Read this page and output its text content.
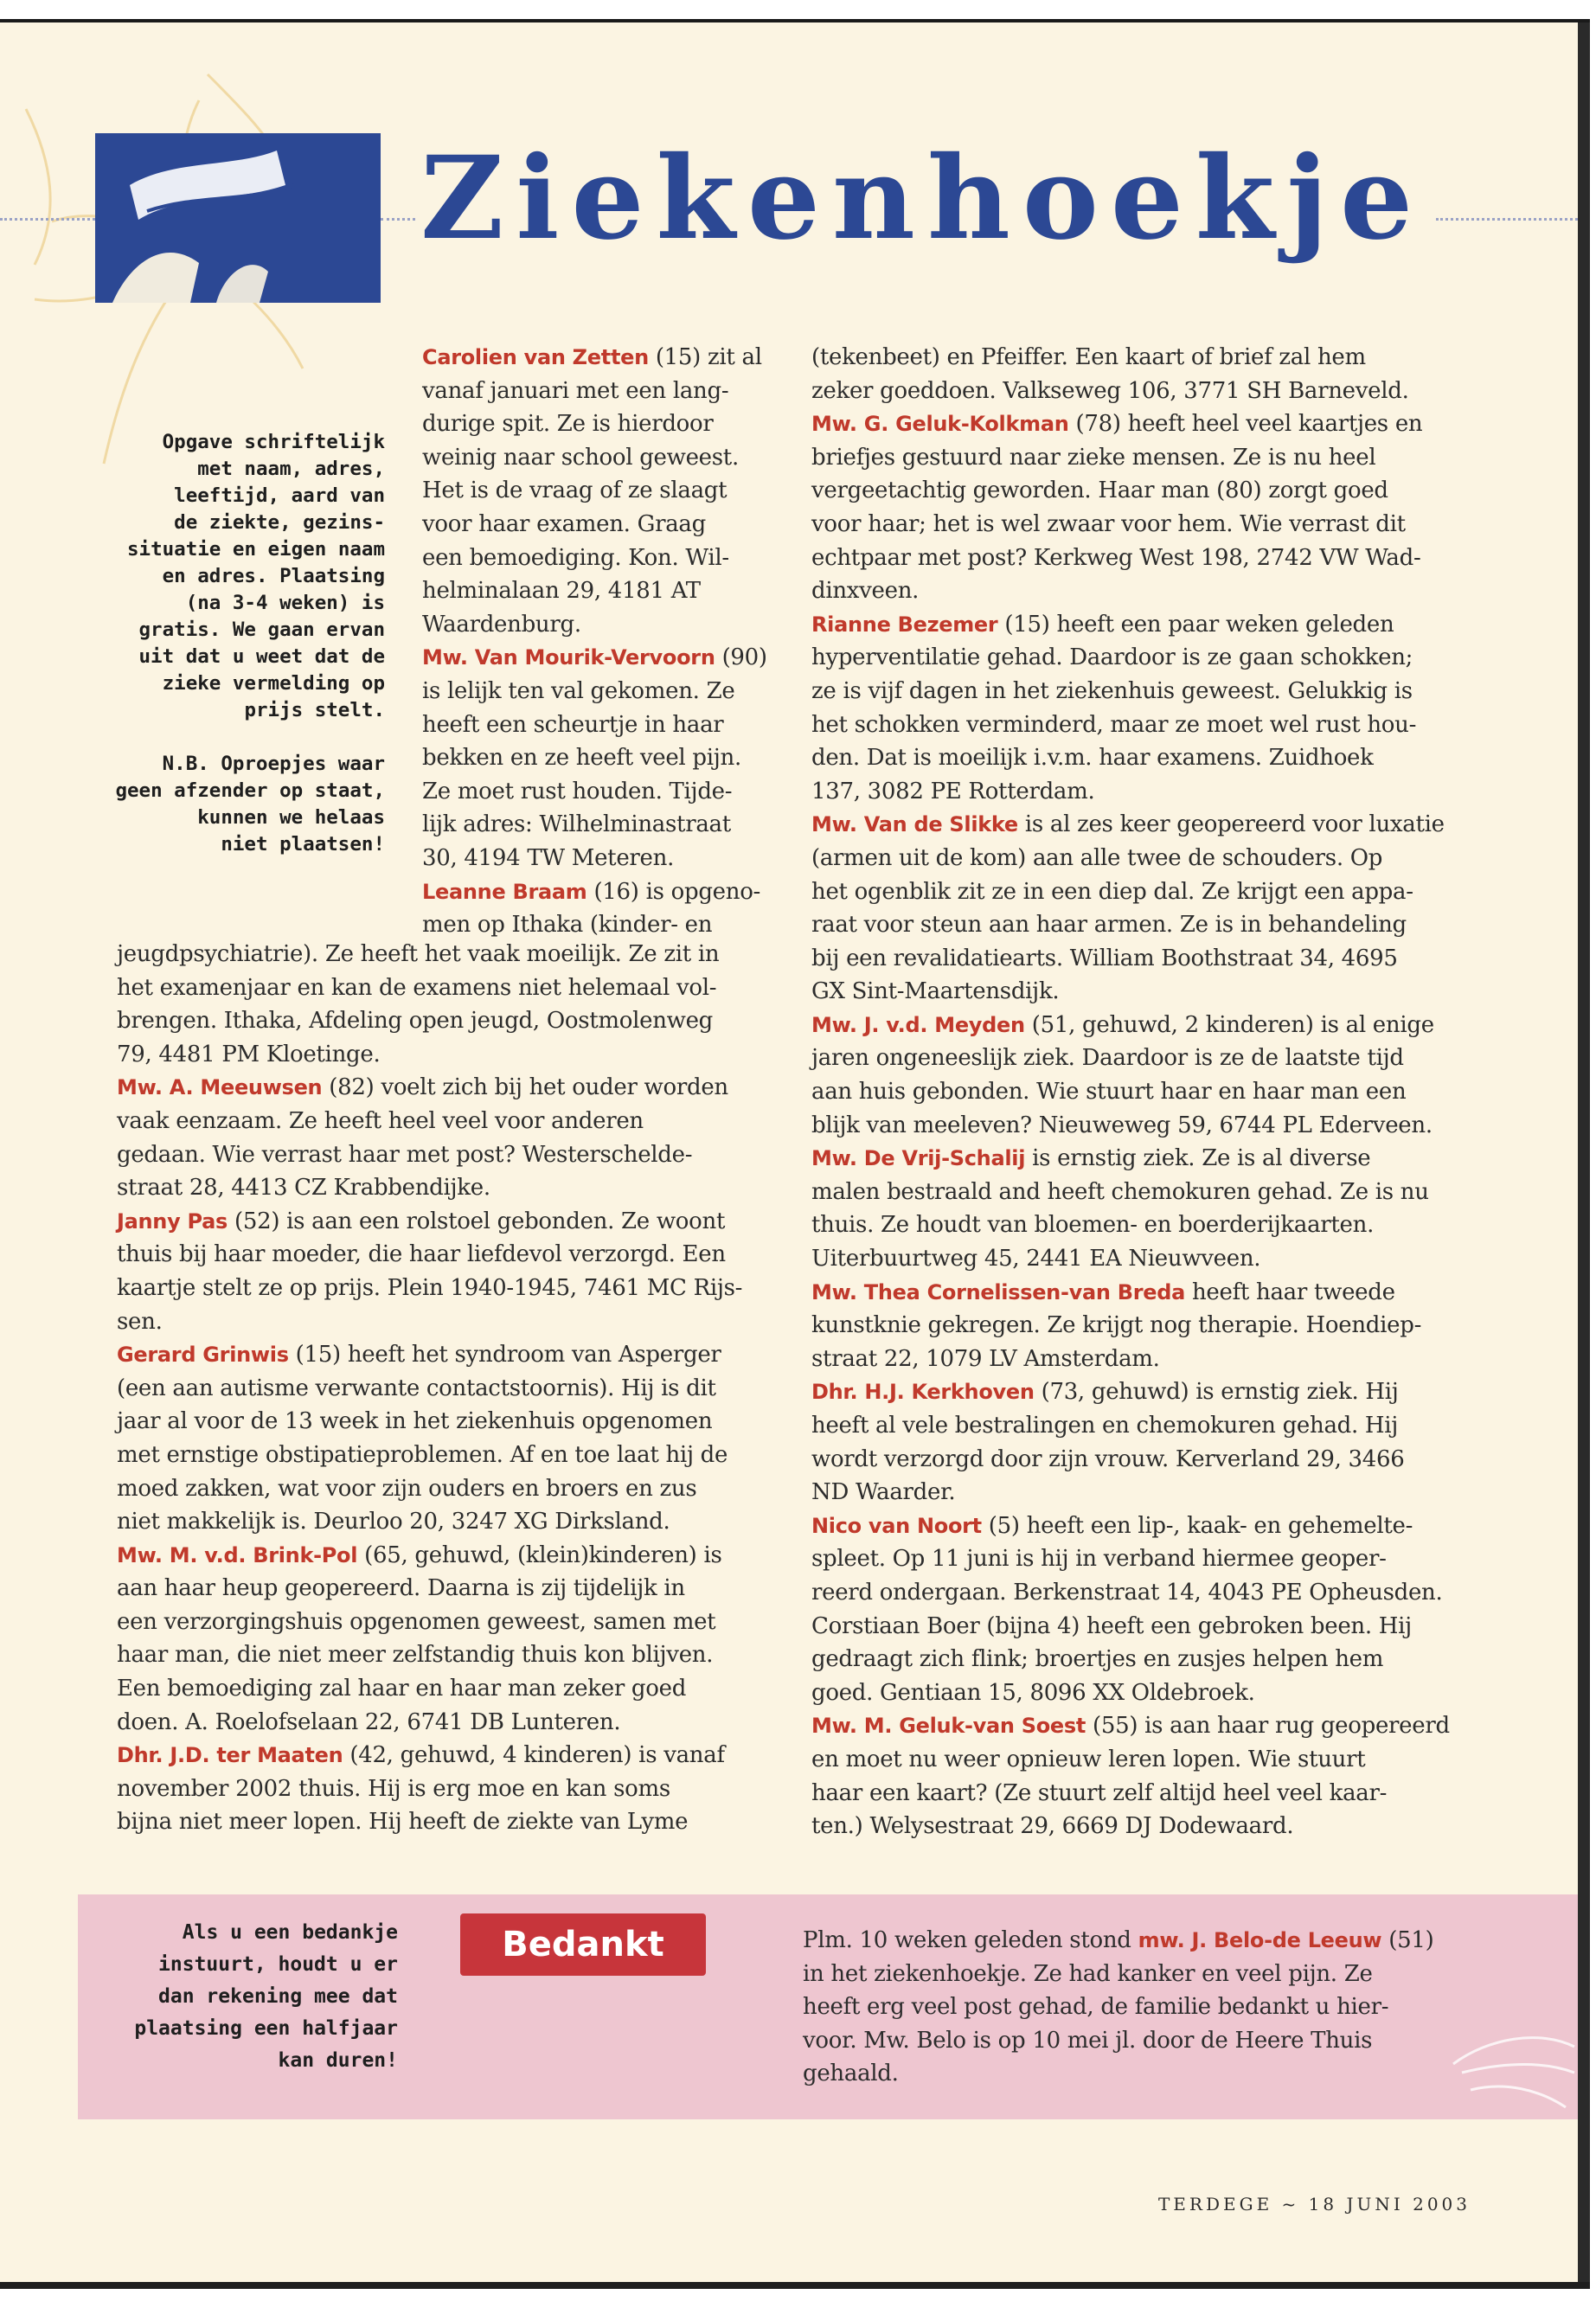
Ziekenhoekje
Opgave schriftelijk
met naam, adres,
leeftijd, aard van
de ziekte, gezins-
situatie en eigen naam
en adres. Plaatsing
(na 3-4 weken) is
gratis. We gaan ervan
uit dat u weet dat de
zieke vermelding op
prijs stelt.
N.B. Oproepjes waar
geen afzender op staat,
kunnen we helaas
niet plaatsen!
Carolien van Zetten (15) zit al
vanaf januari met een lang-
durige spit. Ze is hierdoor
weinig naar school geweest.
Het is de vraag of ze slaagt
voor haar examen. Graag
een bemoediging. Kon. Wil-
helminalaan 29, 4181 AT
Waardenburg.
Mw. Van Mourik-Vervoorn (90)
is lelijk ten val gekomen. Ze
heeft een scheurtje in haar
bekken en ze heeft veel pijn.
Ze moet rust houden. Tijde-
lijk adres: Wilhelminastraat
30, 4194 TW Meteren.
Leanne Braam (16) is opgeno-
men op Ithaka (kinder- en
jeugdpsychiatrie). Ze heeft het vaak moeilijk. Ze zit in
het examenjaar en kan de examens niet helemaal vol-
brengen. Ithaka, Afdeling open jeugd, Oostmolenweg
79, 4481 PM Kloetinge.
Mw. A. Meeuwsen (82) voelt zich bij het ouder worden
vaak eenzaam. Ze heeft heel veel voor anderen
gedaan. Wie verrast haar met post? Westerschelde-
straat 28, 4413 CZ Krabbendijke.
Janny Pas (52) is aan een rolstoel gebonden. Ze woont
thuis bij haar moeder, die haar liefdevol verzorgd. Een
kaartje stelt ze op prijs. Plein 1940-1945, 7461 MC Rijs-
sen.
Gerard Grinwis (15) heeft het syndroom van Asperger
(een aan autisme verwante contactstoornis). Hij is dit
jaar al voor de 13 week in het ziekenhuis opgenomen
met ernstige obstipatieproblemen. Af en toe laat hij de
moed zakken, wat voor zijn ouders en broers en zus
niet makkelijk is. Deurloo 20, 3247 XG Dirksland.
Mw. M. v.d. Brink-Pol (65, gehuwd, (klein)kinderen) is
aan haar heup geopereerd. Daarna is zij tijdelijk in
een verzorgingshuis opgenomen geweest, samen met
haar man, die niet meer zelfstandig thuis kon blijven.
Een bemoediging zal haar en haar man zeker goed
doen. A. Roelofselaan 22, 6741 DB Lunteren.
Dhr. J.D. ter Maaten (42, gehuwd, 4 kinderen) is vanaf
november 2002 thuis. Hij is erg moe en kan soms
bijna niet meer lopen. Hij heeft de ziekte van Lyme
(tekenbeet) en Pfeiffer. Een kaart of brief zal hem
zeker goeddoen. Valkseweg 106, 3771 SH Barneveld.
Mw. G. Geluk-Kolkman (78) heeft heel veel kaartjes en
briefjes gestuurd naar zieke mensen. Ze is nu heel
vergeetachtig geworden. Haar man (80) zorgt goed
voor haar; het is wel zwaar voor hem. Wie verrast dit
echtpaar met post? Kerkweg West 198, 2742 VW Wad-
dinxveen.
Rianne Bezemer (15) heeft een paar weken geleden
hyperventilatie gehad. Daardoor is ze gaan schokken;
ze is vijf dagen in het ziekenhuis geweest. Gelukkig is
het schokken verminderd, maar ze moet wel rust hou-
den. Dat is moeilijk i.v.m. haar examens. Zuidhoek
137, 3082 PE Rotterdam.
Mw. Van de Slikke is al zes keer geopereerd voor luxatie
(armen uit de kom) aan alle twee de schouders. Op
het ogenblik zit ze in een diep dal. Ze krijgt een appa-
raat voor steun aan haar armen. Ze is in behandeling
bij een revalidatiearts. William Boothstraat 34, 4695
GX Sint-Maartensdijk.
Mw. J. v.d. Meyden (51, gehuwd, 2 kinderen) is al enige
jaren ongeneeslijk ziek. Daardoor is ze de laatste tijd
aan huis gebonden. Wie stuurt haar en haar man een
blijk van meeleven? Nieuweweg 59, 6744 PL Ederveen.
Mw. De Vrij-Schalij is ernstig ziek. Ze is al diverse
malen bestraald and heeft chemokuren gehad. Ze is nu
thuis. Ze houdt van bloemen- en boerderijkaarten.
Uiterbuurtweg 45, 2441 EA Nieuwveen.
Mw. Thea Cornelissen-van Breda heeft haar tweede
kunstknie gekregen. Ze krijgt nog therapie. Hoendiep-
straat 22, 1079 LV Amsterdam.
Dhr. H.J. Kerkhoven (73, gehuwd) is ernstig ziek. Hij
heeft al vele bestralingen en chemokuren gehad. Hij
wordt verzorgd door zijn vrouw. Kerverland 29, 3466
ND Waarder.
Nico van Noort (5) heeft een lip-, kaak- en gehemelte-
spleet. Op 11 juni is hij in verband hiermee geoper-
reerd ondergaan. Berkenstraat 14, 4043 PE Opheusden.
Corstiaan Boer (bijna 4) heeft een gebroken been. Hij
gedraagt zich flink; broertjes en zusjes helpen hem
goed. Gentiaan 15, 8096 XX Oldebroek.
Mw. M. Geluk-van Soest (55) is aan haar rug geopereerd
en moet nu weer opnieuw leren lopen. Wie stuurt
haar een kaart? (Ze stuurt zelf altijd heel veel kaar-
ten.) Welysestraat 29, 6669 DJ Dodewaard.
Als u een bedankje
instuurt, houdt u er
dan rekening mee dat
plaatsing een halfjaar
kan duren!
Bedankt	Plm. 10 weken geleden stond mw. J. Belo-de Leeuw (51)
in het ziekenhoekje. Ze had kanker en veel pijn. Ze
heeft erg veel post gehad, de familie bedankt u hier-
voor. Mw. Belo is op 10 mei jl. door de Heere Thuis
gehaald.
TERDEGE ~ 18 JUNI 2003
